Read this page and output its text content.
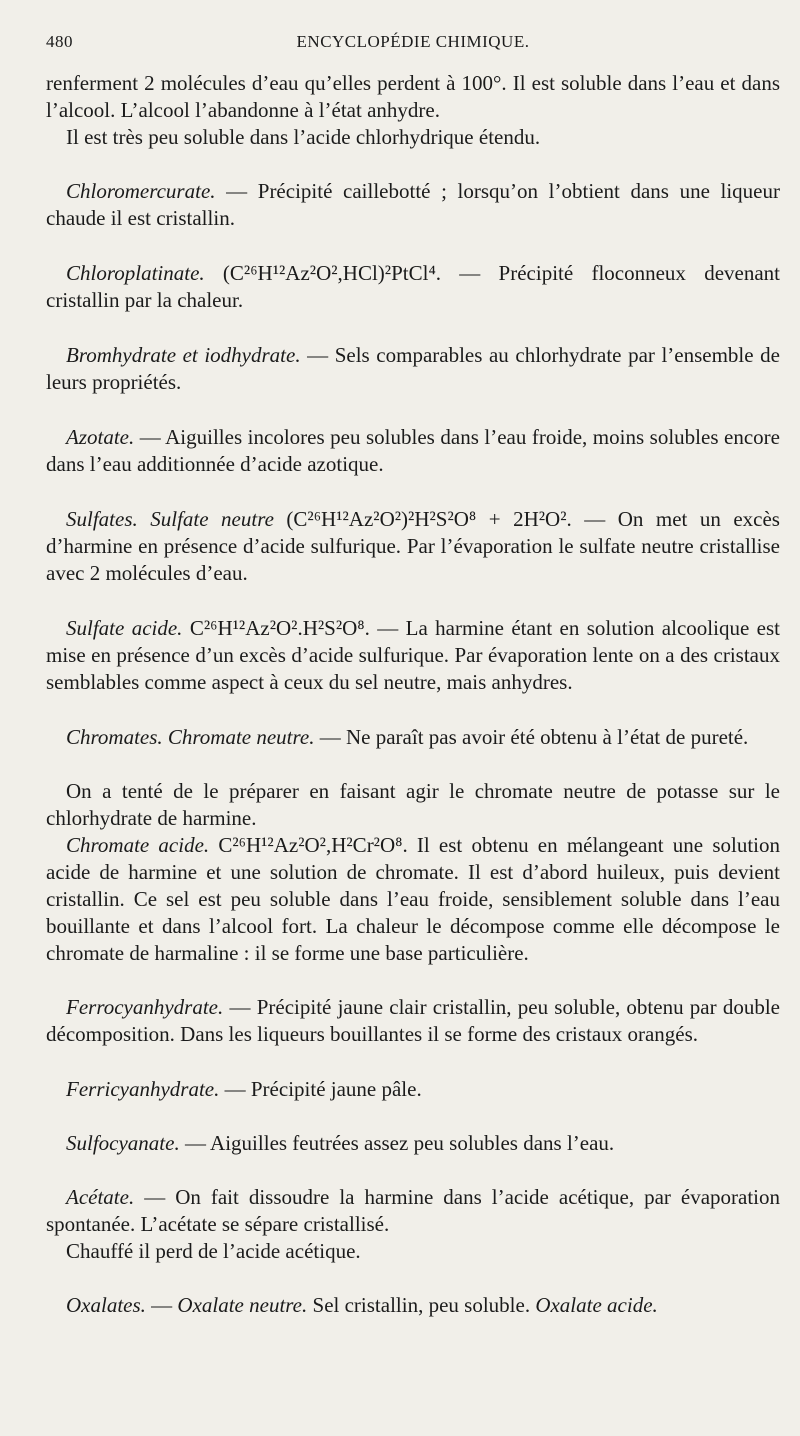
480	ENCYCLOPÉDIE CHIMIQUE.
renferment 2 molécules d’eau qu’elles perdent à 100°. Il est soluble dans l’eau et dans l’alcool. L’alcool l’abandonne à l’état anhydre.
Il est très peu soluble dans l’acide chlorhydrique étendu.
Chloromercurate. — Précipité caillebotté ; lorsqu’on l’obtient dans une liqueur chaude il est cristallin.
Chloroplatinate. (C²⁶H¹²Az²O²,HCl)²PtCl⁴. — Précipité floconneux devenant cristallin par la chaleur.
Bromhydrate et iodhydrate. — Sels comparables au chlorhydrate par l’ensemble de leurs propriétés.
Azotate. — Aiguilles incolores peu solubles dans l’eau froide, moins solubles encore dans l’eau additionnée d’acide azotique.
Sulfates. Sulfate neutre (C²⁶H¹²Az²O²)²H²S²O⁸ + 2H²O². — On met un excès d’harmine en présence d’acide sulfurique. Par l’évaporation le sulfate neutre cristallise avec 2 molécules d’eau.
Sulfate acide. C²⁶H¹²Az²O².H²S²O⁸. — La harmine étant en solution alcoolique est mise en présence d’un excès d’acide sulfurique. Par évaporation lente on a des cristaux semblables comme aspect à ceux du sel neutre, mais anhydres.
Chromates. Chromate neutre. — Ne paraît pas avoir été obtenu à l’état de pureté.
On a tenté de le préparer en faisant agir le chromate neutre de potasse sur le chlorhydrate de harmine.
Chromate acide. C²⁶H¹²Az²O²,H²Cr²O⁸. Il est obtenu en mélangeant une solution acide de harmine et une solution de chromate. Il est d’abord huileux, puis devient cristallin. Ce sel est peu soluble dans l’eau froide, sensiblement soluble dans l’eau bouillante et dans l’alcool fort. La chaleur le décompose comme elle décompose le chromate de harmaline : il se forme une base particulière.
Ferrocyanhydrate. — Précipité jaune clair cristallin, peu soluble, obtenu par double décomposition. Dans les liqueurs bouillantes il se forme des cristaux orangés.
Ferricyanhydrate. — Précipité jaune pâle.
Sulfocyanate. — Aiguilles feutrées assez peu solubles dans l’eau.
Acétate. — On fait dissoudre la harmine dans l’acide acétique, par évaporation spontanée. L’acétate se sépare cristallisé.
Chauffé il perd de l’acide acétique.
Oxalates. — Oxalate neutre. Sel cristallin, peu soluble. Oxalate acide.
